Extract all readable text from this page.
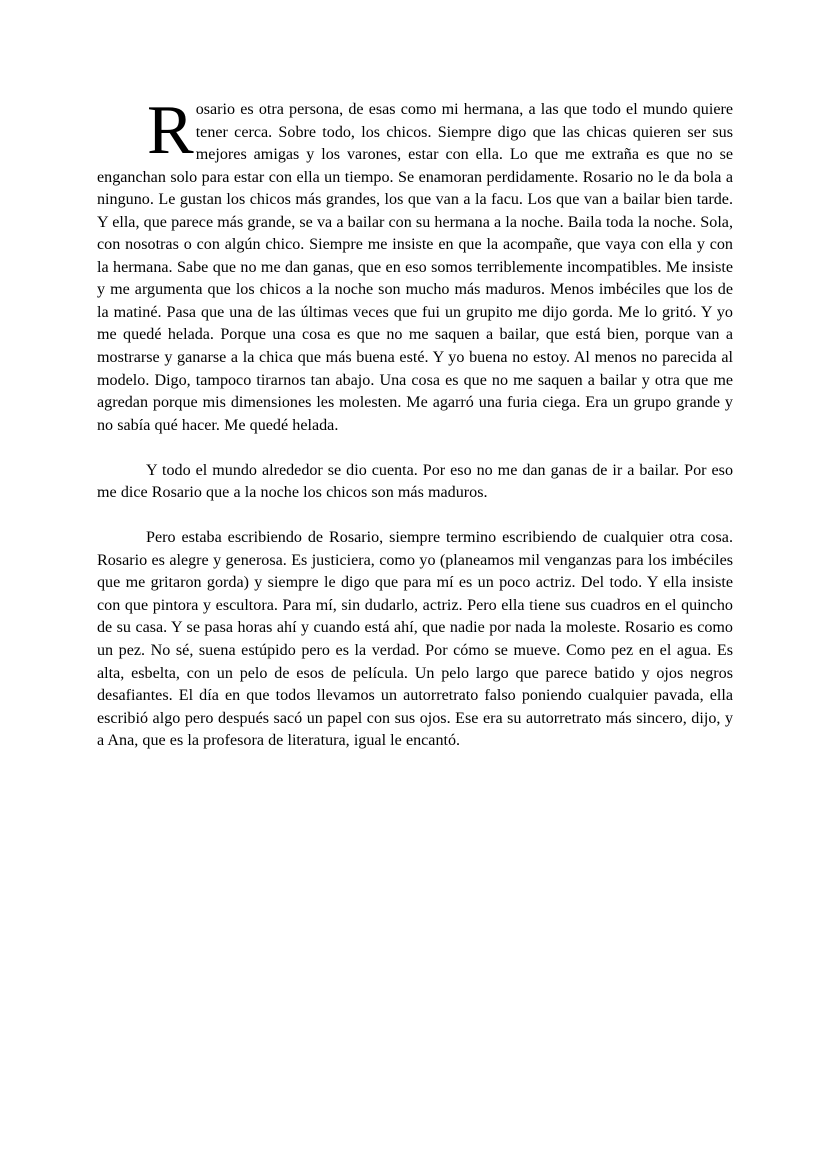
Rosario es otra persona, de esas como mi hermana, a las que todo el mundo quiere tener cerca. Sobre todo, los chicos. Siempre digo que las chicas quieren ser sus mejores amigas y los varones, estar con ella. Lo que me extraña es que no se enganchan solo para estar con ella un tiempo. Se enamoran perdidamente. Rosario no le da bola a ninguno. Le gustan los chicos más grandes, los que van a la facu. Los que van a bailar bien tarde. Y ella, que parece más grande, se va a bailar con su hermana a la noche. Baila toda la noche. Sola, con nosotras o con algún chico. Siempre me insiste en que la acompañe, que vaya con ella y con la hermana. Sabe que no me dan ganas, que en eso somos terriblemente incompatibles. Me insiste y me argumenta que los chicos a la noche son mucho más maduros. Menos imbéciles que los de la matiné. Pasa que una de las últimas veces que fui un grupito me dijo gorda. Me lo gritó. Y yo me quedé helada. Porque una cosa es que no me saquen a bailar, que está bien, porque van a mostrarse y ganarse a la chica que más buena esté. Y yo buena no estoy. Al menos no parecida al modelo. Digo, tampoco tirarnos tan abajo. Una cosa es que no me saquen a bailar y otra que me agredan porque mis dimensiones les molesten. Me agarró una furia ciega. Era un grupo grande y no sabía qué hacer. Me quedé helada.

Y todo el mundo alrededor se dio cuenta. Por eso no me dan ganas de ir a bailar. Por eso me dice Rosario que a la noche los chicos son más maduros.

Pero estaba escribiendo de Rosario, siempre termino escribiendo de cualquier otra cosa. Rosario es alegre y generosa. Es justiciera, como yo (planeamos mil venganzas para los imbéciles que me gritaron gorda) y siempre le digo que para mí es un poco actriz. Del todo. Y ella insiste con que pintora y escultora. Para mí, sin dudarlo, actriz. Pero ella tiene sus cuadros en el quincho de su casa. Y se pasa horas ahí y cuando está ahí, que nadie por nada la moleste. Rosario es como un pez. No sé, suena estúpido pero es la verdad. Por cómo se mueve. Como pez en el agua. Es alta, esbelta, con un pelo de esos de película. Un pelo largo que parece batido y ojos negros desafiantes. El día en que todos llevamos un autorretrato falso poniendo cualquier pavada, ella escribió algo pero después sacó un papel con sus ojos. Ese era su autorretrato más sincero, dijo, y a Ana, que es la profesora de literatura, igual le encantó.
